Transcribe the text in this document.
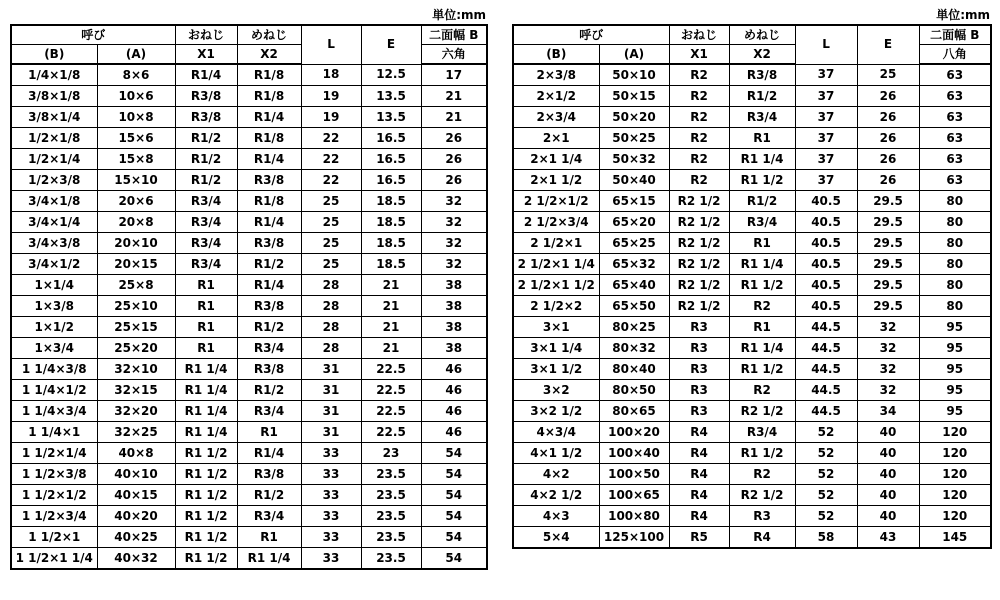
単位:mm
呼び		おねじ	めねじ	L	E	二面幅 B
(B)	(A)	X1	X2			六角
1/4×1/8	8×6	R1/4	R1/8	18	12.5	17
3/8×1/8	10×6	R3/8	R1/8	19	13.5	21
3/8×1/4	10×8	R3/8	R1/4	19	13.5	21
1/2×1/8	15×6	R1/2	R1/8	22	16.5	26
1/2×1/4	15×8	R1/2	R1/4	22	16.5	26
1/2×3/8	15×10	R1/2	R3/8	22	16.5	26
3/4×1/8	20×6	R3/4	R1/8	25	18.5	32
3/4×1/4	20×8	R3/4	R1/4	25	18.5	32
3/4×3/8	20×10	R3/4	R3/8	25	18.5	32
3/4×1/2	20×15	R3/4	R1/2	25	18.5	32
1×1/4	25×8	R1	R1/4	28	21	38
1×3/8	25×10	R1	R3/8	28	21	38
1×1/2	25×15	R1	R1/2	28	21	38
1×3/4	25×20	R1	R3/4	28	21	38
1 1/4×3/8	32×10	R1 1/4	R3/8	31	22.5	46
1 1/4×1/2	32×15	R1 1/4	R1/2	31	22.5	46
1 1/4×3/4	32×20	R1 1/4	R3/4	31	22.5	46
1 1/4×1	32×25	R1 1/4	R1	31	22.5	46
1 1/2×1/4	40×8	R1 1/2	R1/4	33	23	54
1 1/2×3/8	40×10	R1 1/2	R3/8	33	23.5	54
1 1/2×1/2	40×15	R1 1/2	R1/2	33	23.5	54
1 1/2×3/4	40×20	R1 1/2	R3/4	33	23.5	54
1 1/2×1	40×25	R1 1/2	R1	33	23.5	54
1 1/2×1 1/4	40×32	R1 1/2	R1 1/4	33	23.5	54
単位:mm
呼び		おねじ	めねじ	L	E	二面幅 B
(B)	(A)	X1	X2			八角
2×3/8	50×10	R2	R3/8	37	25	63
2×1/2	50×15	R2	R1/2	37	26	63
2×3/4	50×20	R2	R3/4	37	26	63
2×1	50×25	R2	R1	37	26	63
2×1 1/4	50×32	R2	R1 1/4	37	26	63
2×1 1/2	50×40	R2	R1 1/2	37	26	63
2 1/2×1/2	65×15	R2 1/2	R1/2	40.5	29.5	80
2 1/2×3/4	65×20	R2 1/2	R3/4	40.5	29.5	80
2 1/2×1	65×25	R2 1/2	R1	40.5	29.5	80
2 1/2×1 1/4	65×32	R2 1/2	R1 1/4	40.5	29.5	80
2 1/2×1 1/2	65×40	R2 1/2	R1 1/2	40.5	29.5	80
2 1/2×2	65×50	R2 1/2	R2	40.5	29.5	80
3×1	80×25	R3	R1	44.5	32	95
3×1 1/4	80×32	R3	R1 1/4	44.5	32	95
3×1 1/2	80×40	R3	R1 1/2	44.5	32	95
3×2	80×50	R3	R2	44.5	32	95
3×2 1/2	80×65	R3	R2 1/2	44.5	34	95
4×3/4	100×20	R4	R3/4	52	40	120
4×1 1/2	100×40	R4	R1 1/2	52	40	120
4×2	100×50	R4	R2	52	40	120
4×2 1/2	100×65	R4	R2 1/2	52	40	120
4×3	100×80	R4	R3	52	40	120
5×4	125×100	R5	R4	58	43	145
